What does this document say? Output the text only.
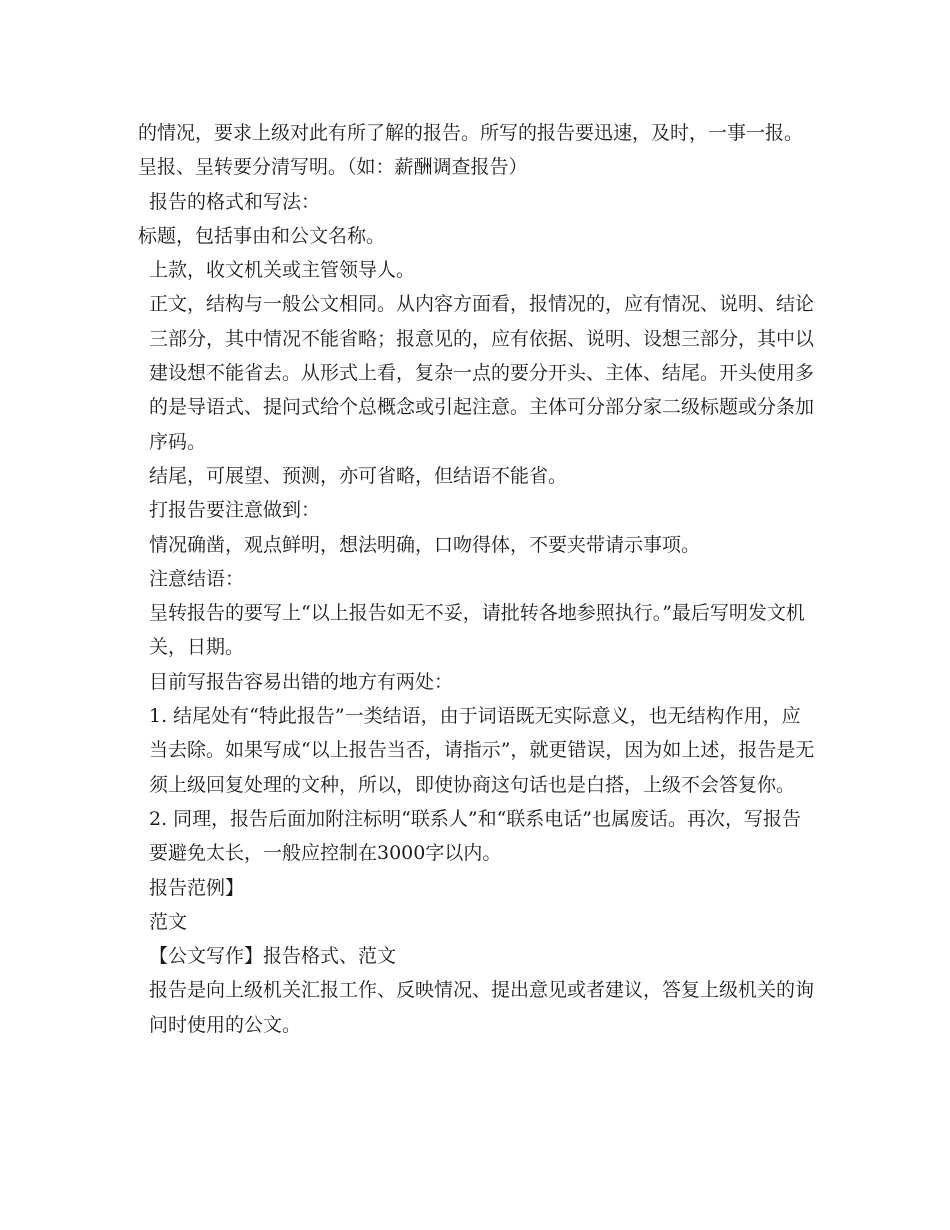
的情况，要求上级对此有所了解的报告。所写的报告要迅速，及时，一事一报。呈报、呈转要分清写明。（如：薪酬调查报告）

报告的格式和写法：

标题，包括事由和公文名称。

上款，收文机关或主管领导人。

正文，结构与一般公文相同。从内容方面看，报情况的，应有情况、说明、结论三部分，其中情况不能省略；报意见的，应有依据、说明、设想三部分，其中以建设想不能省去。从形式上看，复杂一点的要分开头、主体、结尾。开头使用多的是导语式、提问式给个总概念或引起注意。主体可分部分家二级标题或分条加序码。

结尾，可展望、预测，亦可省略，但结语不能省。

打报告要注意做到：

情况确凿，观点鲜明，想法明确，口吻得体，不要夹带请示事项。

注意结语：

呈转报告的要写上“以上报告如无不妥，请批转各地参照执行。”最后写明发文机关，日期。

目前写报告容易出错的地方有两处：

1. 结尾处有“特此报告”一类结语，由于词语既无实际意义，也无结构作用，应当去除。如果写成“以上报告当否，请指示”，就更错误，因为如上述，报告是无须上级回复处理的文种，所以，即使协商这句话也是白搭，上级不会答复你。

2. 同理，报告后面加附注标明“联系人”和“联系电话”也属废话。再次，写报告要避免太长，一般应控制在3000字以内。

报告范例】

范文

【公文写作】报告格式、范文

报告是向上级机关汇报工作、反映情况、提出意见或者建议，答复上级机关的询问时使用的公文。
